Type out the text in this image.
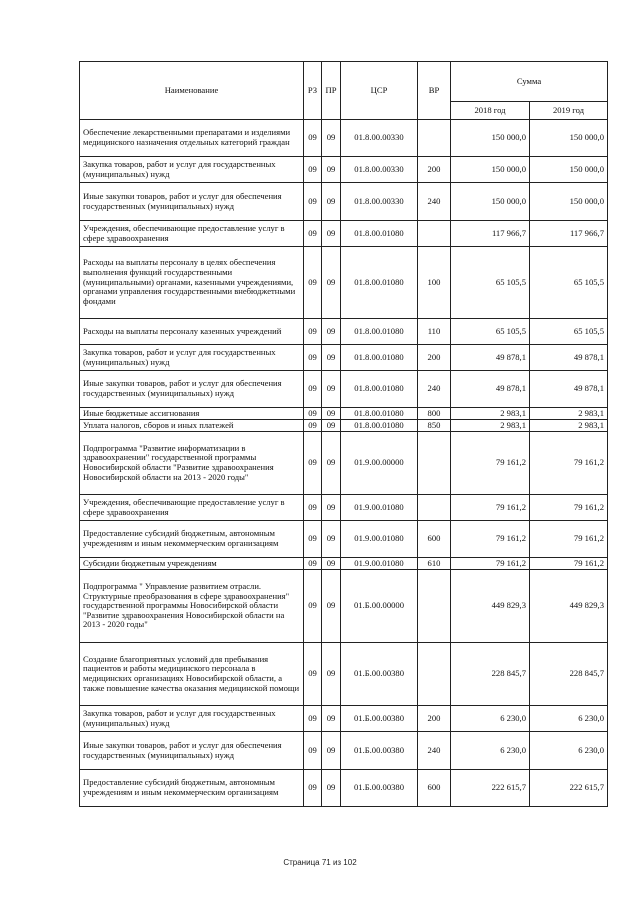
Наименование	РЗ	ПР	ЦСР	ВР	Сумма	
					2018 год	2019 год
Обеспечение лекарственными препаратами и изделиями медицинского назначения отдельных категорий граждан	09	09	01.8.00.00330		150 000,0	150 000,0
Закупка товаров, работ и услуг для государственных (муниципальных) нужд	09	09	01.8.00.00330	200	150 000,0	150 000,0
Иные закупки товаров, работ и услуг для обеспечения государственных (муниципальных) нужд	09	09	01.8.00.00330	240	150 000,0	150 000,0
Учреждения, обеспечивающие предоставление услуг в сфере здравоохранения	09	09	01.8.00.01080		117 966,7	117 966,7
Расходы на выплаты персоналу в целях обеспечения выполнения функций государственными (муниципальными) органами, казенными учреждениями, органами управления государственными внебюджетными фондами	09	09	01.8.00.01080	100	65 105,5	65 105,5
Расходы на выплаты персоналу казенных учреждений	09	09	01.8.00.01080	110	65 105,5	65 105,5
Закупка товаров, работ и услуг для государственных (муниципальных) нужд	09	09	01.8.00.01080	200	49 878,1	49 878,1
Иные закупки товаров, работ и услуг для обеспечения государственных (муниципальных) нужд	09	09	01.8.00.01080	240	49 878,1	49 878,1
Иные бюджетные ассигнования	09	09	01.8.00.01080	800	2 983,1	2 983,1
Уплата налогов, сборов и иных платежей	09	09	01.8.00.01080	850	2 983,1	2 983,1
Подпрограмма "Развитие информатизации в здравоохранении" государственной программы Новосибирской области "Развитие здравоохранения Новосибирской области на 2013 - 2020 годы"	09	09	01.9.00.00000		79 161,2	79 161,2
Учреждения, обеспечивающие предоставление услуг в сфере здравоохранения	09	09	01.9.00.01080		79 161,2	79 161,2
Предоставление субсидий бюджетным, автономным учреждениям и иным некоммерческим организациям	09	09	01.9.00.01080	600	79 161,2	79 161,2
Субсидии бюджетным учреждениям	09	09	01.9.00.01080	610	79 161,2	79 161,2
Подпрограмма " Управление развитием отрасли. Структурные преобразования в сфере здравоохранения" государственной программы Новосибирской области "Развитие здравоохранения Новосибирской области на 2013 - 2020 годы"	09	09	01.Б.00.00000		449 829,3	449 829,3
Создание благоприятных условий для пребывания пациентов и работы медицинского персонала в медицинских организациях Новосибирской области, а также повышение качества оказания медицинской помощи	09	09	01.Б.00.00380		228 845,7	228 845,7
Закупка товаров, работ и услуг для государственных (муниципальных) нужд	09	09	01.Б.00.00380	200	6 230,0	6 230,0
Иные закупки товаров, работ и услуг для обеспечения государственных (муниципальных) нужд	09	09	01.Б.00.00380	240	6 230,0	6 230,0
Предоставление субсидий бюджетным, автономным учреждениям и иным некоммерческим организациям	09	09	01.Б.00.00380	600	222 615,7	222 615,7
Страница 71 из 102
